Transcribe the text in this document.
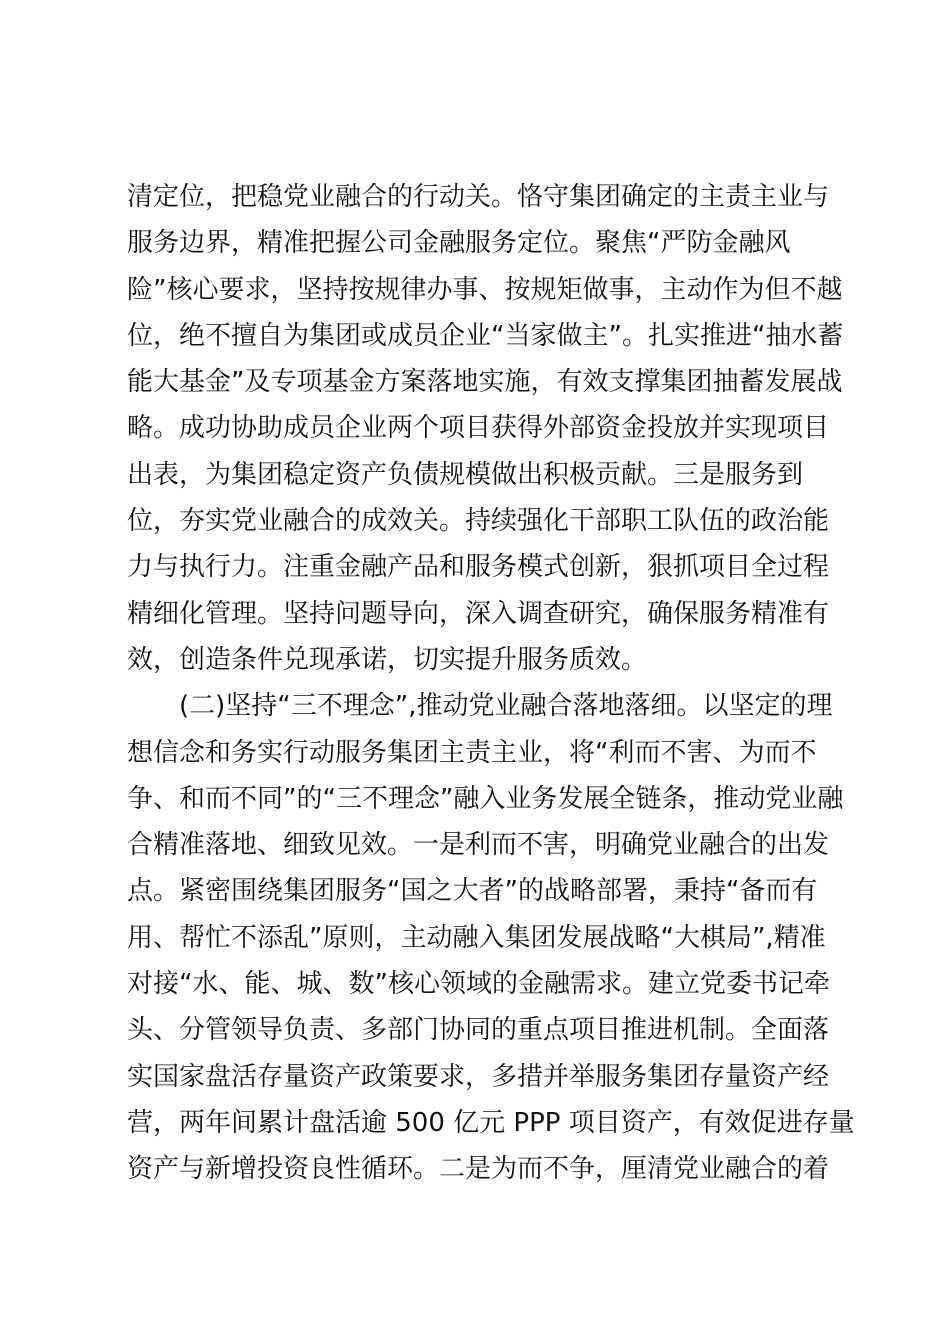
清定位，把稳党业融合的行动关。恪守集团确定的主责主业与
服务边界，精准把握公司金融服务定位。聚焦“严防金融风
险”核心要求，坚持按规律办事、按规矩做事，主动作为但不越
位，绝不擅自为集团或成员企业“当家做主”。扎实推进“抽水蓄
能大基金”及专项基金方案落地实施，有效支撑集团抽蓄发展战
略。成功协助成员企业两个项目获得外部资金投放并实现项目
出表，为集团稳定资产负债规模做出积极贡献。三是服务到
位，夯实党业融合的成效关。持续强化干部职工队伍的政治能
力与执行力。注重金融产品和服务模式创新，狠抓项目全过程
精细化管理。坚持问题导向，深入调查研究，确保服务精准有
效，创造条件兑现承诺，切实提升服务质效。
(二)坚持“三不理念”,推动党业融合落地落细。以坚定的理
想信念和务实行动服务集团主责主业，将“利而不害、为而不
争、和而不同”的“三不理念”融入业务发展全链条，推动党业融
合精准落地、细致见效。一是利而不害，明确党业融合的出发
点。紧密围绕集团服务“国之大者”的战略部署，秉持“备而有
用、帮忙不添乱”原则，主动融入集团发展战略“大棋局”,精准
对接“水、能、城、数”核心领域的金融需求。建立党委书记牵
头、分管领导负责、多部门协同的重点项目推进机制。全面落
实国家盘活存量资产政策要求，多措并举服务集团存量资产经
营，两年间累计盘活逾 500 亿元 PPP 项目资产，有效促进存量
资产与新增投资良性循环。二是为而不争，厘清党业融合的着
